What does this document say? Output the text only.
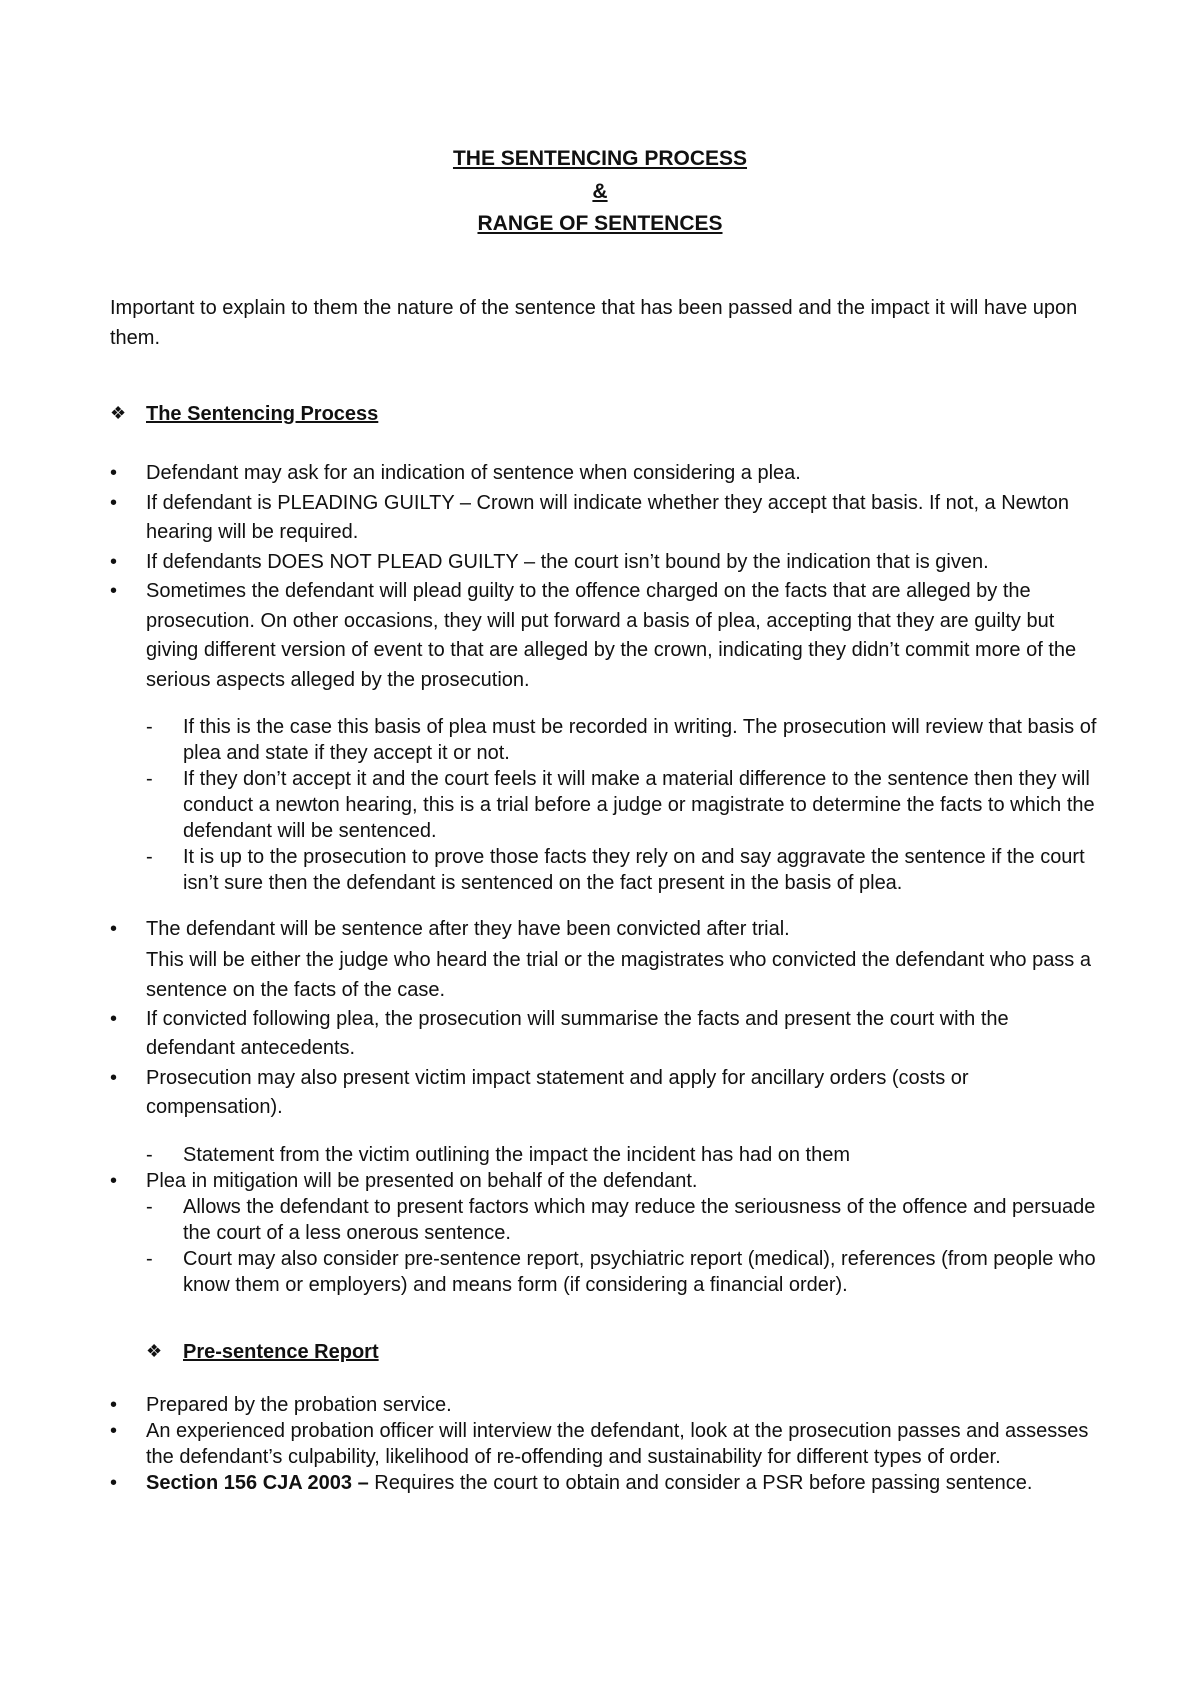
THE SENTENCING PROCESS
&
RANGE OF SENTENCES
Important to explain to them the nature of the sentence that has been passed and the impact it will have upon them.
❖ The Sentencing Process
• Defendant may ask for an indication of sentence when considering a plea.
• If defendant is PLEADING GUILTY – Crown will indicate whether they accept that basis. If not, a Newton hearing will be required.
• If defendants DOES NOT PLEAD GUILTY – the court isn’t bound by the indication that is given.
• Sometimes the defendant will plead guilty to the offence charged on the facts that are alleged by the prosecution. On other occasions, they will put forward a basis of plea, accepting that they are guilty but giving different version of event to that are alleged by the crown, indicating they didn’t commit more of the serious aspects alleged by the prosecution.
- If this is the case this basis of plea must be recorded in writing. The prosecution will review that basis of plea and state if they accept it or not.
- If they don’t accept it and the court feels it will make a material difference to the sentence then they will conduct a newton hearing, this is a trial before a judge or magistrate to determine the facts to which the defendant will be sentenced.
- It is up to the prosecution to prove those facts they rely on and say aggravate the sentence if the court isn’t sure then the defendant is sentenced on the fact present in the basis of plea.
• The defendant will be sentence after they have been convicted after trial.
This will be either the judge who heard the trial or the magistrates who convicted the defendant who pass a sentence on the facts of the case.
• If convicted following plea, the prosecution will summarise the facts and present the court with the defendant antecedents.
• Prosecution may also present victim impact statement and apply for ancillary orders (costs or compensation).
- Statement from the victim outlining the impact the incident has had on them
• Plea in mitigation will be presented on behalf of the defendant.
- Allows the defendant to present factors which may reduce the seriousness of the offence and persuade the court of a less onerous sentence.
- Court may also consider pre-sentence report, psychiatric report (medical), references (from people who know them or employers) and means form (if considering a financial order).
❖ Pre-sentence Report
• Prepared by the probation service.
• An experienced probation officer will interview the defendant, look at the prosecution passes and assesses the defendant’s culpability, likelihood of re-offending and sustainability for different types of order.
• Section 156 CJA 2003 – Requires the court to obtain and consider a PSR before passing sentence.
